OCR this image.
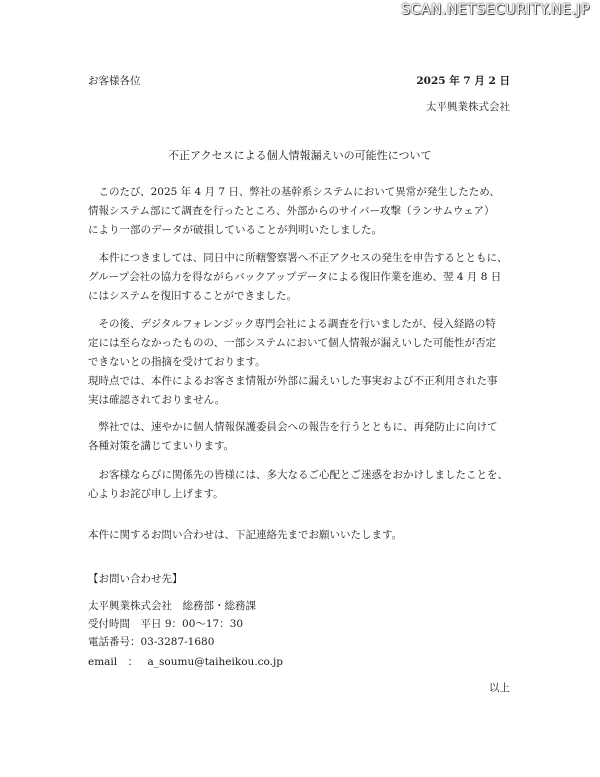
SCAN.NETSECURITY.NE.JP
お客様各位	2025 年 7 月 2 日
太平興業株式会社
不正アクセスによる個人情報漏えいの可能性について
　このたび、2025 年 4 月 7 日、弊社の基幹系システムにおいて異常が発生したため、
情報システム部にて調査を行ったところ、外部からのサイバー攻撃（ランサムウェア）
により一部のデータが破損していることが判明いたしました。
　本件につきましては、同日中に所轄警察署へ不正アクセスの発生を申告するとともに、
グループ会社の協力を得ながらバックアップデータによる復旧作業を進め、翌 4 月 8 日
にはシステムを復旧することができました。
　その後、デジタルフォレンジック専門会社による調査を行いましたが、侵入経路の特
定には至らなかったものの、一部システムにおいて個人情報が漏えいした可能性が否定
できないとの指摘を受けております。
現時点では、本件によるお客さま情報が外部に漏えいした事実および不正利用された事
実は確認されておりません。
　弊社では、速やかに個人情報保護委員会への報告を行うとともに、再発防止に向けて
各種対策を講じてまいります。
　お客様ならびに関係先の皆様には、多大なるご心配とご迷惑をおかけしましたことを、
心よりお詫び申し上げます。
本件に関するお問い合わせは、下記連絡先までお願いいたします。
【お問い合わせ先】
太平興業株式会社　総務部・総務課
受付時間　平日 9：00～17：30
電話番号：03-3287-1680
email　： a_soumu@taiheikou.co.jp
以上
